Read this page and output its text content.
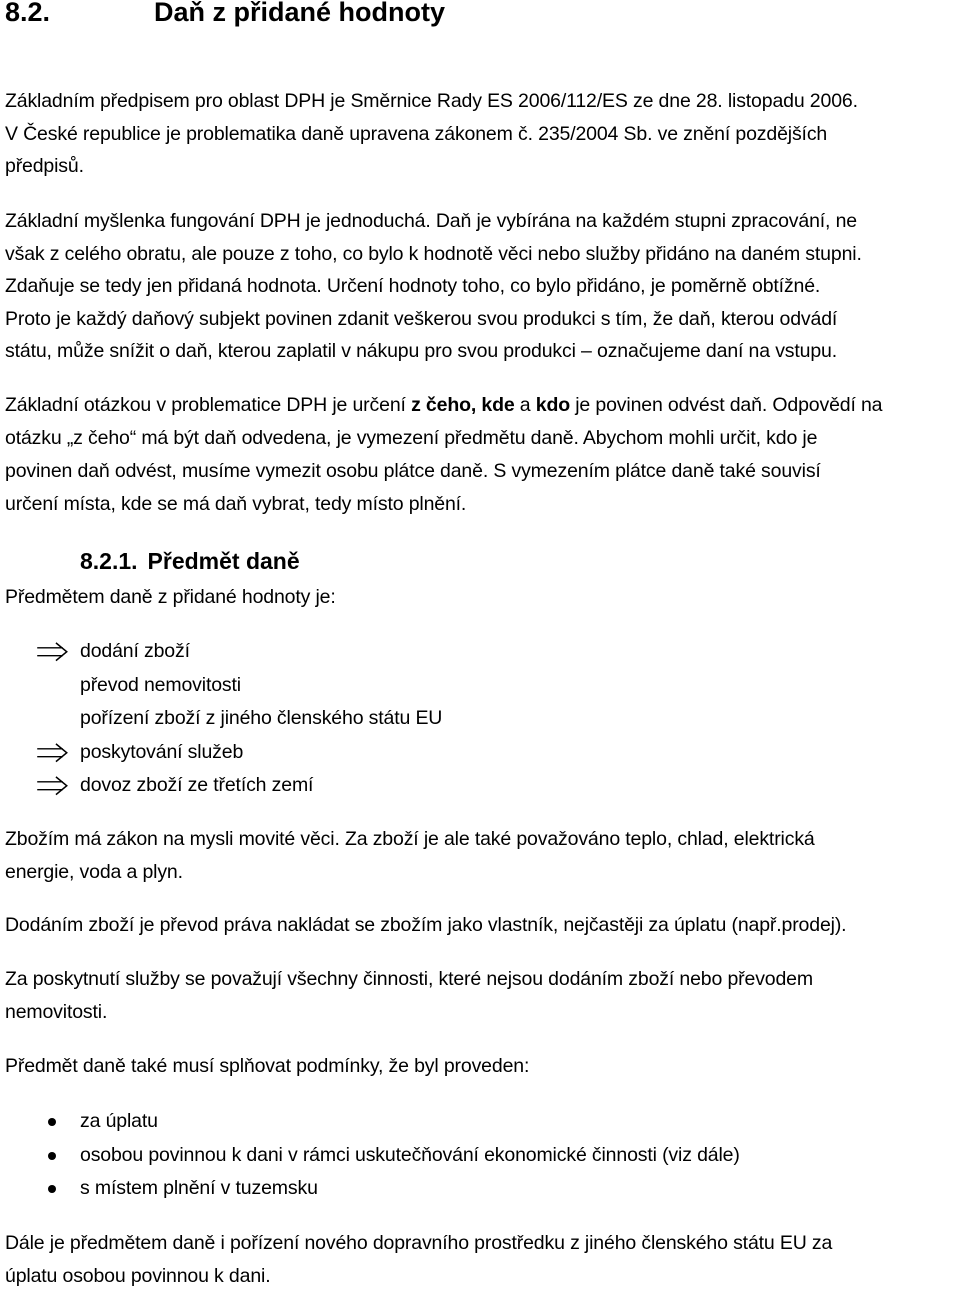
8.2.	Daň z přidané hodnoty

Základním předpisem pro oblast DPH je Směrnice Rady ES 2006/112/ES ze dne 28. listopadu 2006.
V České republice je problematika daně upravena zákonem č. 235/2004 Sb. ve znění pozdějších
předpisů.

Základní myšlenka fungování DPH je jednoduchá. Daň je vybírána na každém stupni zpracování, ne
však z celého obratu, ale pouze z toho, co bylo k hodnotě věci nebo služby přidáno na daném stupni.
Zdaňuje se tedy jen přidaná hodnota. Určení hodnoty toho, co bylo přidáno, je poměrně obtížné.
Proto je každý daňový subjekt povinen zdanit veškerou svou produkci s tím, že daň, kterou odvádí
státu, může snížit o daň, kterou zaplatil v nákupu pro svou produkci – označujeme daní na vstupu.

Základní otázkou v problematice DPH je určení z čeho, kde a kdo je povinen odvést daň. Odpovědí na
otázku „z čeho“ má být daň odvedena, je vymezení předmětu daně. Abychom mohli určit, kdo je
povinen daň odvést, musíme vymezit osobu plátce daně. S vymezením plátce daně také souvisí
určení místa, kde se má daň vybrat, tedy místo plnění.

8.2.1. Předmět daně

Předmětem daně z přidané hodnoty je:

dodání zboží
převod nemovitosti
pořízení zboží z jiného členského státu EU
poskytování služeb
dovoz zboží ze třetích zemí

Zbožím má zákon na mysli movité věci. Za zboží je ale také považováno teplo, chlad, elektrická
energie, voda a plyn.

Dodáním zboží je převod práva nakládat se zbožím jako vlastník, nejčastěji za úplatu (např.prodej).

Za poskytnutí služby se považují všechny činnosti, které nejsou dodáním zboží nebo převodem
nemovitosti.

Předmět daně také musí splňovat podmínky, že byl proveden:

za úplatu
osobou povinnou k dani v rámci uskutečňování ekonomické činnosti (viz dále)
s místem plnění v tuzemsku

Dále je předmětem daně i pořízení nového dopravního prostředku z jiného členského státu EU za
úplatu osobou povinnou k dani.
